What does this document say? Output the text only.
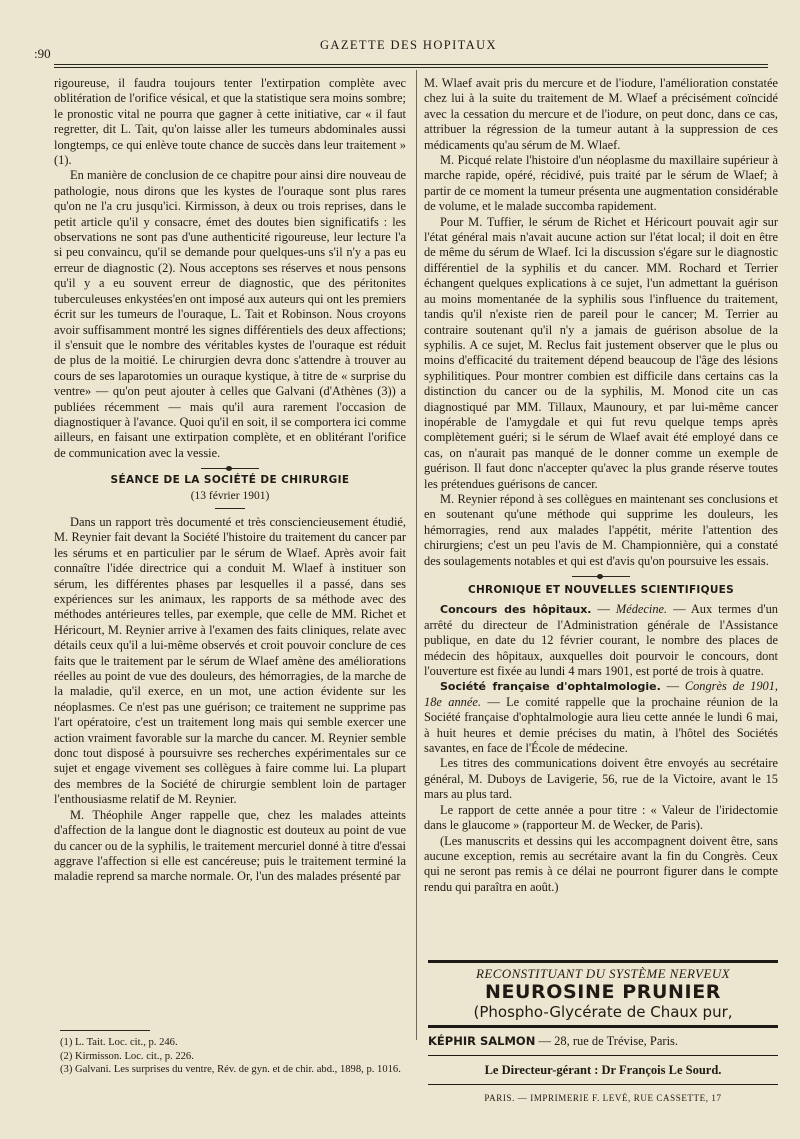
:90
GAZETTE DES HOPITAUX

rigoureuse, il faudra toujours tenter l'extirpation complète avec oblitération de l'orifice vésical, et que la statistique sera moins sombre; le pronostic vital ne pourra que gagner à cette initiative, car « il faut regretter, dit L. Tait, qu'on laisse aller les tumeurs abdominales aussi longtemps, ce qui enlève toute chance de succès dans leur traitement » (1).

En manière de conclusion de ce chapitre pour ainsi dire nouveau de pathologie, nous dirons que les kystes de l'ouraque sont plus rares qu'on ne l'a cru jusqu'ici. Kirmisson, à deux ou trois reprises, dans le petit article qu'il y consacre, émet des doutes bien significatifs : les observations ne sont pas d'une authenticité rigoureuse, leur lecture l'a si peu convaincu, qu'il se demande pour quelques-uns s'il n'y a pas eu erreur de diagnostic (2). Nous acceptons ses réserves et nous pensons qu'il y a eu souvent erreur de diagnostic, que des péritonites tuberculeuses enkystées'en ont imposé aux auteurs qui ont les premiers écrit sur les tumeurs de l'ouraque, L. Tait et Robinson. Nous croyons avoir suffisamment montré les signes différentiels des deux affections; il s'ensuit que le nombre des véritables kystes de l'ouraque est réduit de plus de la moitié. Le chirurgien devra donc s'attendre à trouver au cours de ses laparotomies un ouraque kystique, à titre de « surprise du ventre» — qu'on peut ajouter à celles que Galvani (d'Athènes (3)) a publiées récemment — mais qu'il aura rarement l'occasion de diagnostiquer à l'avance. Quoi qu'il en soit, il se comportera ici comme ailleurs, en faisant une extirpation complète, et en oblitérant l'orifice de communication avec la vessie.

SÉANCE DE LA SOCIÉTÉ DE CHIRURGIE
(13 février 1901)

Dans un rapport très documenté et très consciencieusement étudié, M. Reynier fait devant la Société l'histoire du traitement du cancer par les sérums et en particulier par le sérum de Wlaef. Après avoir fait connaître l'idée directrice qui a conduit M. Wlaef à instituer son sérum, les différentes phases par lesquelles il a passé, dans ses expériences sur les animaux, les rapports de sa méthode avec des méthodes antérieures telles, par exemple, que celle de MM. Richet et Héricourt, M. Reynier arrive à l'examen des faits cliniques, relate avec détails ceux qu'il a lui-même observés et croit pouvoir conclure de ces faits que le traitement par le sérum de Wlaef amène des améliorations réelles au point de vue des douleurs, des hémorragies, de la marche de la maladie, qu'il exerce, en un mot, une action évidente sur les néoplasmes. Ce n'est pas une guérison; ce traitement ne supprime pas l'art opératoire, c'est un traitement long mais qui semble exercer une action vraiment favorable sur la marche du cancer. M. Reynier semble donc tout disposé à poursuivre ses recherches expérimentales sur ce sujet et engage vivement ses collègues à faire comme lui. La plupart des membres de la Société de chirurgie semblent loin de partager l'enthousiasme relatif de M. Reynier.

M. Théophile Anger rappelle que, chez les malades atteints d'affection de la langue dont le diagnostic est douteux au point de vue du cancer ou de la syphilis, le traitement mercuriel donné à titre d'essai aggrave l'affection si elle est cancéreuse; puis le traitement terminé la maladie reprend sa marche normale. Or, l'un des malades présenté par

(1) L. Tait. Loc. cit., p. 246.
(2) Kirmisson. Loc. cit., p. 226.
(3) Galvani. Les surprises du ventre, Rév. de gyn. et de chir. abd., 1898, p. 1016.

M. Wlaef avait pris du mercure et de l'iodure, l'amélioration constatée chez lui à la suite du traitement de M. Wlaef a précisément coïncidé avec la cessation du mercure et de l'iodure, on peut donc, dans ce cas, attribuer la régression de la tumeur autant à la suppression de ces médicaments qu'au sérum de M. Wlaef.

M. Picqué relate l'histoire d'un néoplasme du maxillaire supérieur à marche rapide, opéré, récidivé, puis traité par le sérum de Wlaef; à partir de ce moment la tumeur présenta une augmentation considérable de volume, et le malade succomba rapidement.

Pour M. Tuffier, le sérum de Richet et Héricourt pouvait agir sur l'état général mais n'avait aucune action sur l'état local; il doit en être de même du sérum de Wlaef. Ici la discussion s'égare sur le diagnostic différentiel de la syphilis et du cancer. MM. Rochard et Terrier échangent quelques explications à ce sujet, l'un admettant la guérison au moins momentanée de la syphilis sous l'influence du traitement, tandis qu'il n'existe rien de pareil pour le cancer; M. Terrier au contraire soutenant qu'il n'y a jamais de guérison absolue de la syphilis. A ce sujet, M. Reclus fait justement observer que le plus ou moins d'efficacité du traitement dépend beaucoup de l'âge des lésions syphilitiques. Pour montrer combien est difficile dans certains cas la distinction du cancer ou de la syphilis, M. Monod cite un cas diagnostiqué par MM. Tillaux, Maunoury, et par lui-même cancer inopérable de l'amygdale et qui fut revu quelque temps après complètement guéri; si le sérum de Wlaef avait été employé dans ce cas, on n'aurait pas manqué de le donner comme un exemple de guérison. Il faut donc n'accepter qu'avec la plus grande réserve toutes les prétendues guérisons de cancer.

M. Reynier répond à ses collègues en maintenant ses conclusions et en soutenant qu'une méthode qui supprime les douleurs, les hémorragies, rend aux malades l'appétit, mérite l'attention des chirurgiens; c'est un peu l'avis de M. Championnière, qui a constaté des soulagements notables et qui est d'avis qu'on poursuive les essais.

CHRONIQUE ET NOUVELLES SCIENTIFIQUES

Concours des hôpitaux. — Médecine. — Aux termes d'un arrêté du directeur de l'Administration générale de l'Assistance publique, en date du 12 février courant, le nombre des places de médecin des hôpitaux, auxquelles doit pourvoir le concours, dont l'ouverture est fixée au lundi 4 mars 1901, est porté de trois à quatre.

Société française d'ophtalmologie. — Congrès de 1901, 18e année. — Le comité rappelle que la prochaine réunion de la Société française d'ophtalmologie aura lieu cette année le lundi 6 mai, à huit heures et demie précises du matin, à l'hôtel des Sociétés savantes, en face de l'École de médecine.

Les titres des communications doivent être envoyés au secrétaire général, M. Duboys de Lavigerie, 56, rue de la Victoire, avant le 15 mars au plus tard.

Le rapport de cette année a pour titre : « Valeur de l'iridectomie dans le glaucome » (rapporteur M. de Wecker, de Paris).

(Les manuscrits et dessins qui les accompagnent doivent être, sans aucune exception, remis au secrétaire avant la fin du Congrès. Ceux qui ne seront pas remis à ce délai ne pourront figurer dans le compte rendu qui paraîtra en août.)

RECONSTITUANT DU SYSTÈME NERVEUX
NEUROSINE PRUNIER
(Phospho-Glycérate de Chaux pur,
KÉPHIR SALMON — 28, rue de Trévise, Paris.
Le Directeur-gérant : Dr François Le Sourd.
PARIS. — IMPRIMERIE F. LEVÉ, RUE CASSETTE, 17
